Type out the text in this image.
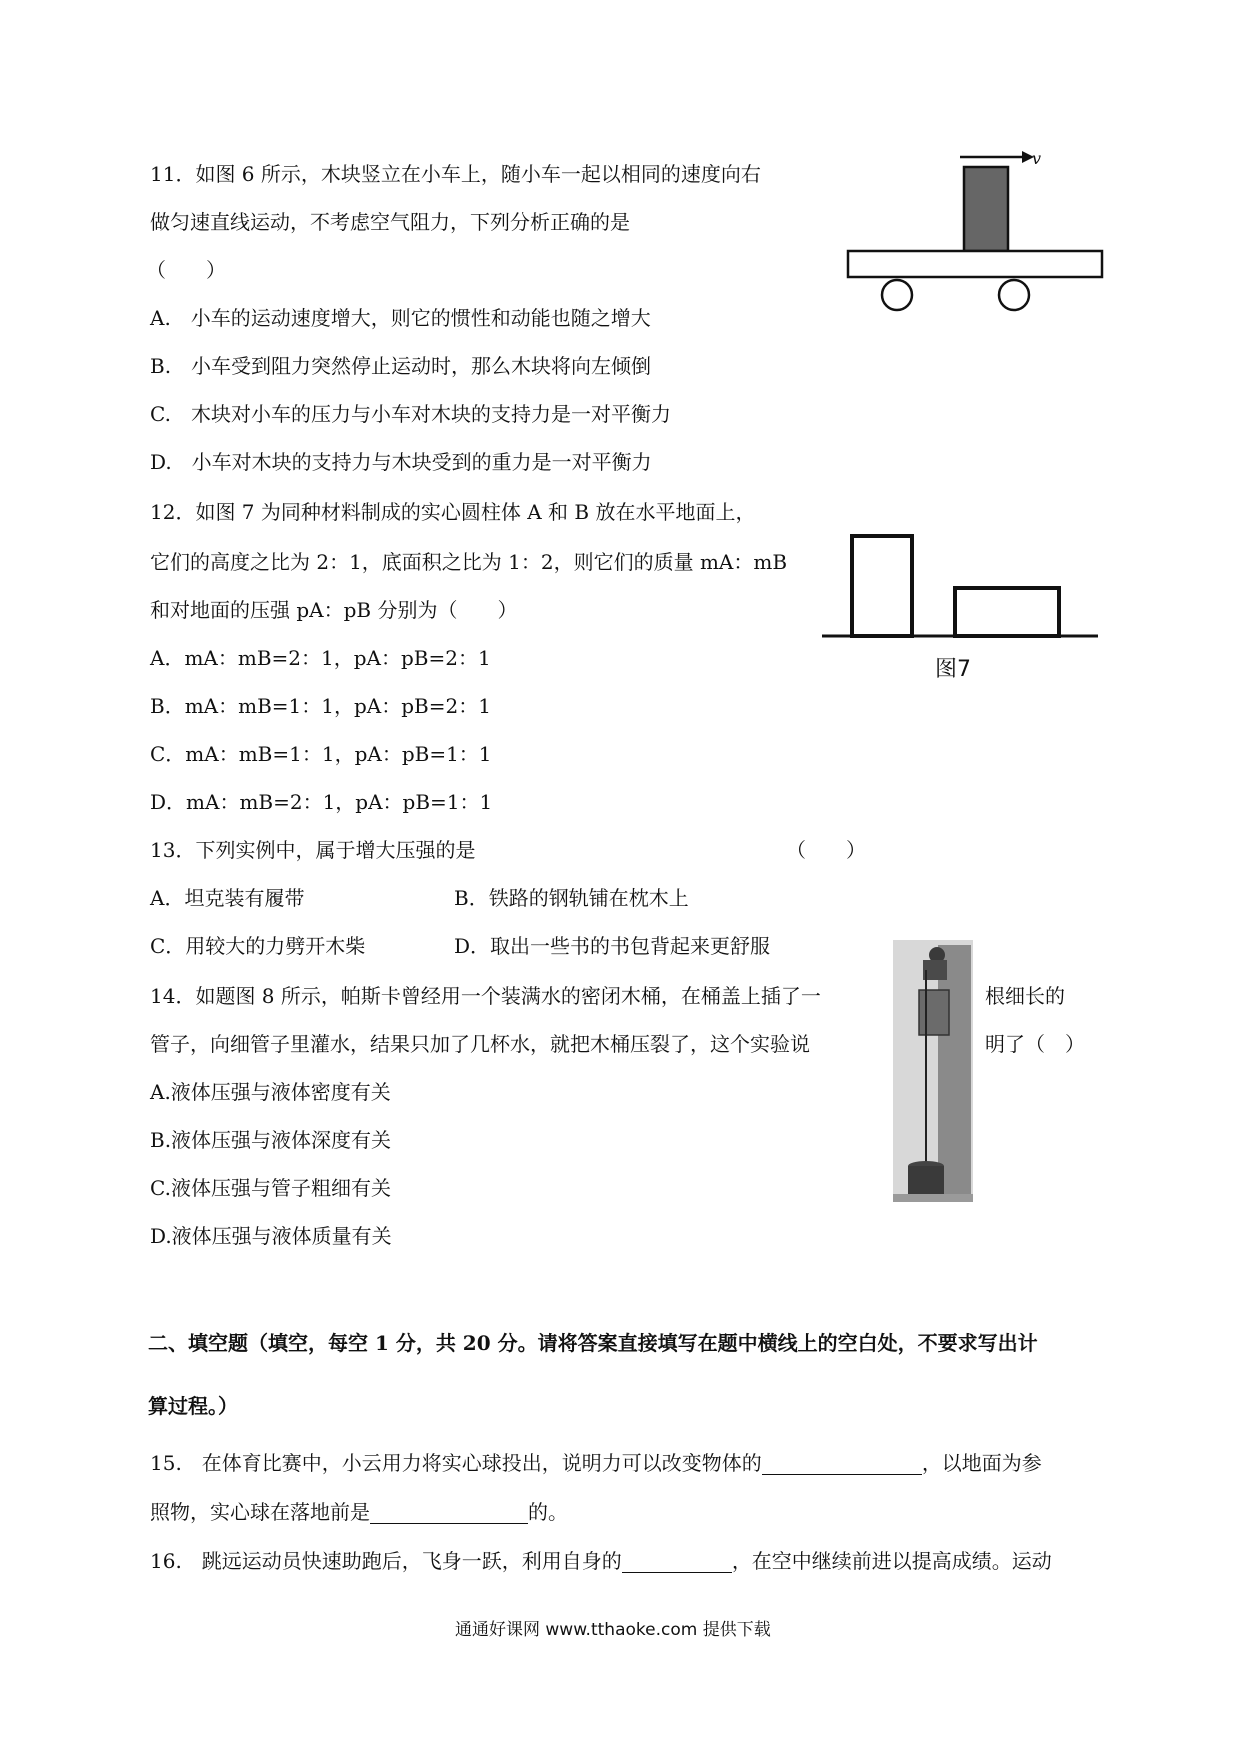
11．如图 6 所示，木块竖立在小车上，随小车一起以相同的速度向右
做匀速直线运动，不考虑空气阻力，下列分析正确的是
（　　）
A.　小车的运动速度增大，则它的惯性和动能也随之增大
B.　小车受到阻力突然停止运动时，那么木块将向左倾倒
C.　木块对小车的压力与小车对木块的支持力是一对平衡力
D.　小车对木块的支持力与木块受到的重力是一对平衡力
v
12．如图 7 为同种材料制成的实心圆柱体 A 和 B 放在水平地面上，
它们的高度之比为 2：1，底面积之比为 1：2，则它们的质量 mA：mB
和对地面的压强 pA：pB 分别为（　　）
A．mA：mB=2：1，pA：pB=2：1
B．mA：mB=1：1，pA：pB=2：1
C．mA：mB=1：1，pA：pB=1：1
D．mA：mB=2：1，pA：pB=1：1
图7
13．下列实例中，属于增大压强的是	（　　）
A．坦克装有履带	B．铁路的钢轨铺在枕木上
C．用较大的力劈开木柴	D．取出一些书的书包背起来更舒服
14．如题图 8 所示，帕斯卡曾经用一个装满水的密闭木桶，在桶盖上插了一	根细长的
管子，向细管子里灌水，结果只加了几杯水，就把木桶压裂了，这个实验说	明了（　）
A.液体压强与液体密度有关
B.液体压强与液体深度有关
C.液体压强与管子粗细有关
D.液体压强与液体质量有关
二、填空题（填空，每空 1 分，共 20 分。请将答案直接填写在题中横线上的空白处，不要求写出计
算过程。）
15.　在体育比赛中，小云用力将实心球投出，说明力可以改变物体的	，以地面为参
照物，实心球在落地前是	的。
16.　跳远运动员快速助跑后，飞身一跃，利用自身的	，在空中继续前进以提高成绩。运动
通通好课网 www.tthaoke.com 提供下载
